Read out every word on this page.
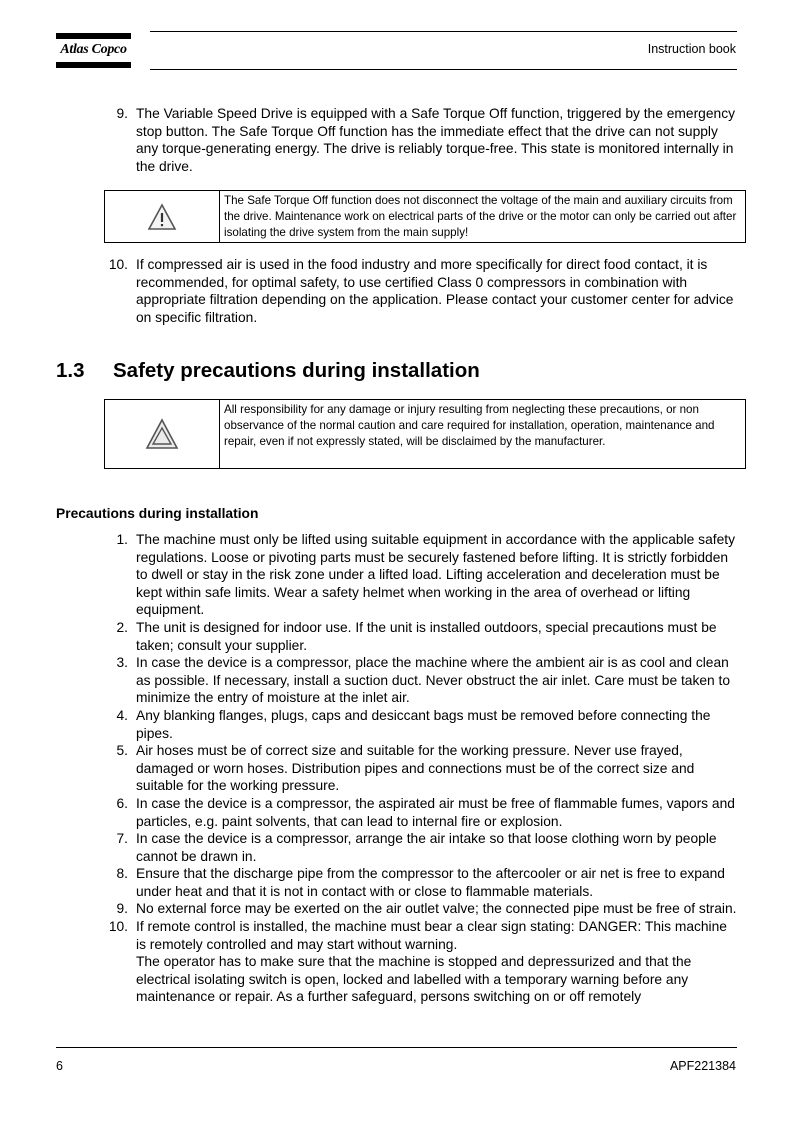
Atlas Copco	Instruction book
9. The Variable Speed Drive is equipped with a Safe Torque Off function, triggered by the emergency stop button. The Safe Torque Off function has the immediate effect that the drive can not supply any torque-generating energy. The drive is reliably torque-free. This state is monitored internally in the drive.
The Safe Torque Off function does not disconnect the voltage of the main and auxiliary circuits from the drive. Maintenance work on electrical parts of the drive or the motor can only be carried out after isolating the drive system from the main supply!
10. If compressed air is used in the food industry and more specifically for direct food contact, it is recommended, for optimal safety, to use certified Class 0 compressors in combination with appropriate filtration depending on the application. Please contact your customer center for advice on specific filtration.
1.3 Safety precautions during installation
All responsibility for any damage or injury resulting from neglecting these precautions, or non observance of the normal caution and care required for installation, operation, maintenance and repair, even if not expressly stated, will be disclaimed by the manufacturer.
Precautions during installation
1. The machine must only be lifted using suitable equipment in accordance with the applicable safety regulations. Loose or pivoting parts must be securely fastened before lifting. It is strictly forbidden to dwell or stay in the risk zone under a lifted load. Lifting acceleration and deceleration must be kept within safe limits. Wear a safety helmet when working in the area of overhead or lifting equipment.
2. The unit is designed for indoor use. If the unit is installed outdoors, special precautions must be taken; consult your supplier.
3. In case the device is a compressor, place the machine where the ambient air is as cool and clean as possible. If necessary, install a suction duct. Never obstruct the air inlet. Care must be taken to minimize the entry of moisture at the inlet air.
4. Any blanking flanges, plugs, caps and desiccant bags must be removed before connecting the pipes.
5. Air hoses must be of correct size and suitable for the working pressure. Never use frayed, damaged or worn hoses. Distribution pipes and connections must be of the correct size and suitable for the working pressure.
6. In case the device is a compressor, the aspirated air must be free of flammable fumes, vapors and particles, e.g. paint solvents, that can lead to internal fire or explosion.
7. In case the device is a compressor, arrange the air intake so that loose clothing worn by people cannot be drawn in.
8. Ensure that the discharge pipe from the compressor to the aftercooler or air net is free to expand under heat and that it is not in contact with or close to flammable materials.
9. No external force may be exerted on the air outlet valve; the connected pipe must be free of strain.
10. If remote control is installed, the machine must bear a clear sign stating: DANGER: This machine is remotely controlled and may start without warning.
The operator has to make sure that the machine is stopped and depressurized and that the electrical isolating switch is open, locked and labelled with a temporary warning before any maintenance or repair. As a further safeguard, persons switching on or off remotely
6	APF221384
